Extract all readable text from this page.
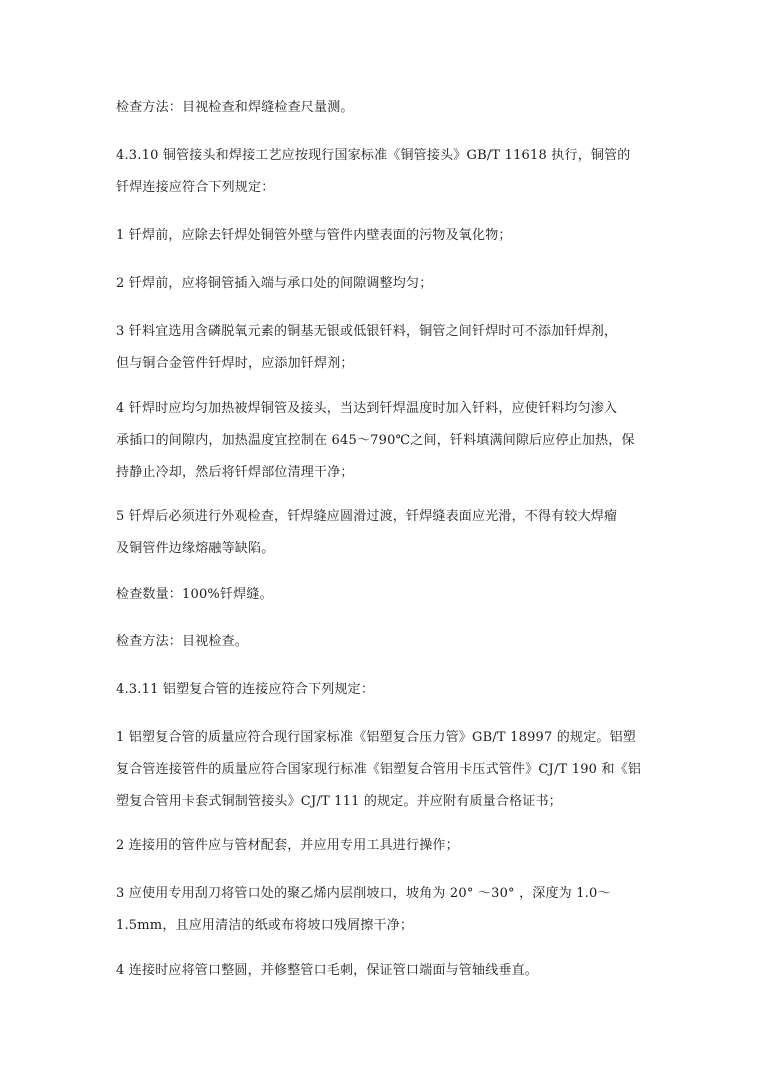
检查方法：目视检查和焊缝检查尺量测。

4.3.10 铜管接头和焊接工艺应按现行国家标准《铜管接头》GB/T 11618 执行，铜管的
钎焊连接应符合下列规定：

1 钎焊前，应除去钎焊处铜管外壁与管件内壁表面的污物及氧化物；

2 钎焊前，应将铜管插入端与承口处的间隙调整均匀；

3 钎料宜选用含磷脱氧元素的铜基无银或低银钎料，铜管之间钎焊时可不添加钎焊剂，
但与铜合金管件钎焊时，应添加钎焊剂；

4 钎焊时应均匀加热被焊铜管及接头，当达到钎焊温度时加入钎料，应使钎料均匀渗入
承插口的间隙内，加热温度宜控制在 645～790℃之间，钎料填满间隙后应停止加热，保
持静止冷却，然后将钎焊部位清理干净；

5 钎焊后必须进行外观检查，钎焊缝应圆滑过渡，钎焊缝表面应光滑，不得有较大焊瘤
及铜管件边缘熔融等缺陷。

检查数量：100%钎焊缝。

检查方法：目视检查。

4.3.11 铝塑复合管的连接应符合下列规定：

1 铝塑复合管的质量应符合现行国家标准《铝塑复合压力管》GB/T 18997 的规定。铝塑
复合管连接管件的质量应符合国家现行标准《铝塑复合管用卡压式管件》CJ/T 190 和《铝
塑复合管用卡套式铜制管接头》CJ/T 111 的规定。并应附有质量合格证书；

2 连接用的管件应与管材配套，并应用专用工具进行操作；

3 应使用专用刮刀将管口处的聚乙烯内层削坡口，坡角为 20° ～30° ，深度为 1.0～
1.5mm，且应用清洁的纸或布将坡口残屑擦干净；

4 连接时应将管口整圆，并修整管口毛刺，保证管口端面与管轴线垂直。
